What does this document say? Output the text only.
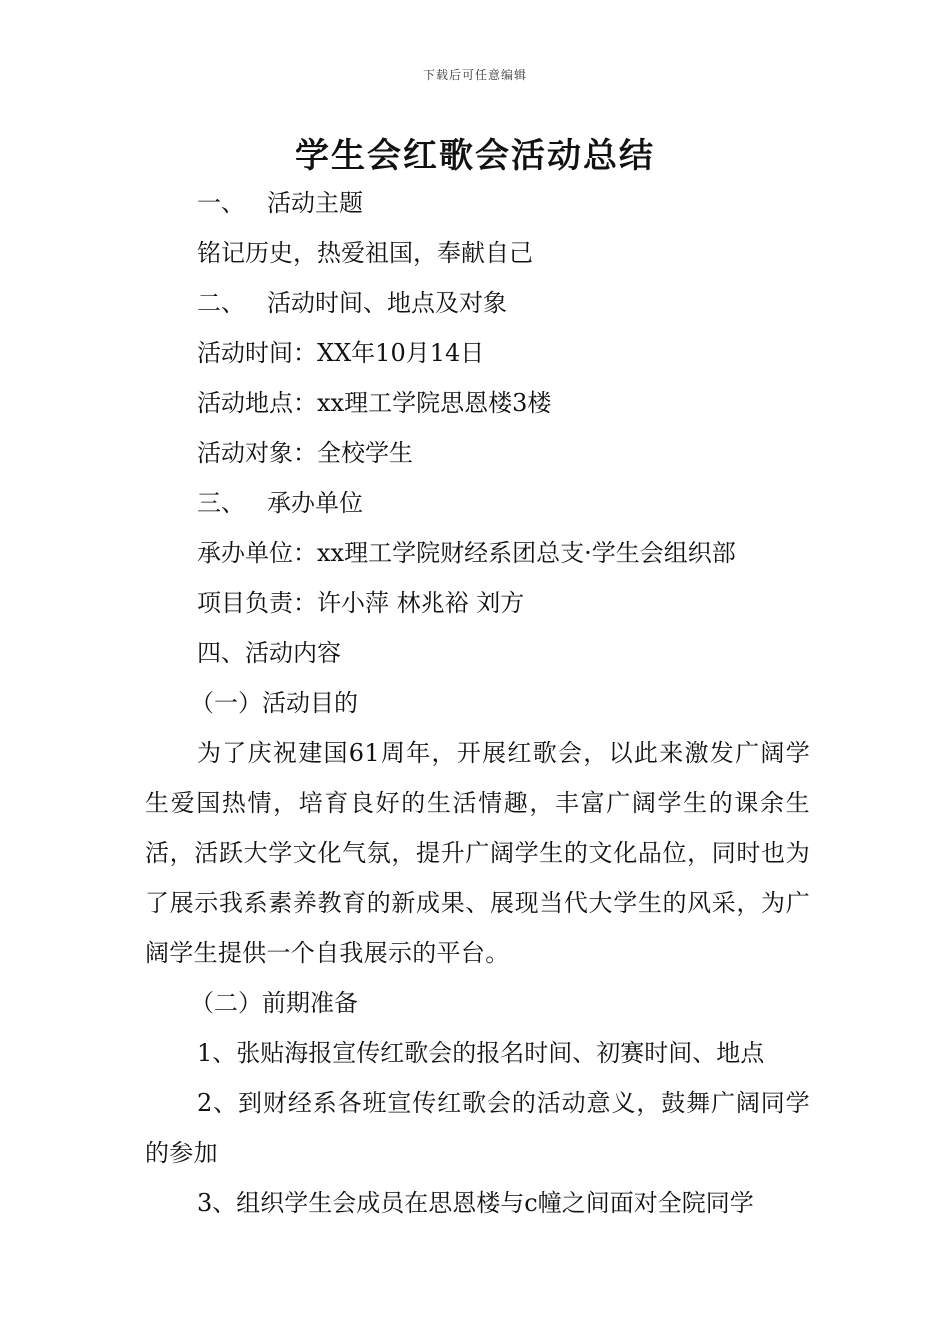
下载后可任意编辑
学生会红歌会活动总结
一、 活动主题
铭记历史，热爱祖国，奉献自己
二、 活动时间、地点及对象
活动时间：XX年10月14日
活动地点：xx理工学院思恩楼3楼
活动对象：全校学生
三、 承办单位
承办单位：xx理工学院财经系团总支·学生会组织部
项目负责：许小萍 林兆裕 刘方
四、活动内容
（一）活动目的
为了庆祝建国61周年，开展红歌会，以此来激发广阔学生爱国热情，培育良好的生活情趣，丰富广阔学生的课余生活，活跃大学文化气氛，提升广阔学生的文化品位，同时也为了展示我系素养教育的新成果、展现当代大学生的风采，为广阔学生提供一个自我展示的平台。
（二）前期准备
1、张贴海报宣传红歌会的报名时间、初赛时间、地点
2、到财经系各班宣传红歌会的活动意义，鼓舞广阔同学的参加
3、组织学生会成员在思恩楼与c幢之间面对全院同学
